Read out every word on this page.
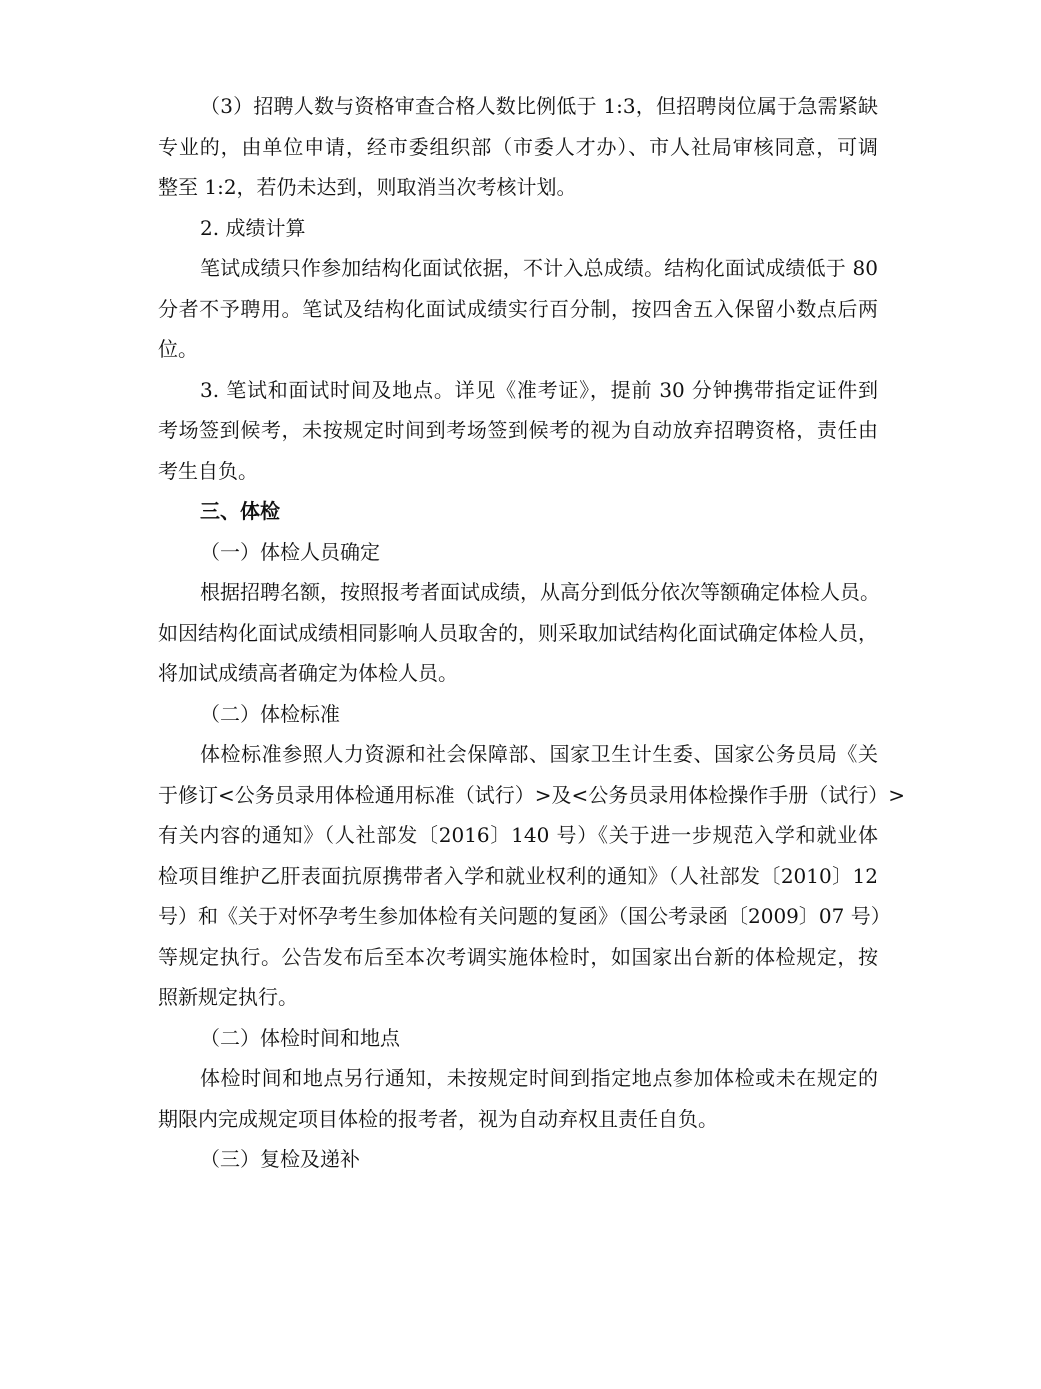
（3）招聘人数与资格审查合格人数比例低于 1:3，但招聘岗位属于急需紧缺
专业的，由单位申请，经市委组织部（市委人才办）、市人社局审核同意，可调
整至 1:2，若仍未达到，则取消当次考核计划。
2. 成绩计算
笔试成绩只作参加结构化面试依据，不计入总成绩。结构化面试成绩低于 80
分者不予聘用。笔试及结构化面试成绩实行百分制，按四舍五入保留小数点后两
位。
3. 笔试和面试时间及地点。详见《准考证》，提前 30 分钟携带指定证件到
考场签到候考，未按规定时间到考场签到候考的视为自动放弃招聘资格，责任由
考生自负。
三、体检
（一）体检人员确定
根据招聘名额，按照报考者面试成绩，从高分到低分依次等额确定体检人员。
如因结构化面试成绩相同影响人员取舍的，则采取加试结构化面试确定体检人员，
将加试成绩高者确定为体检人员。
（二）体检标准
体检标准参照人力资源和社会保障部、国家卫生计生委、国家公务员局《关
于修订<公务员录用体检通用标准（试行）>及<公务员录用体检操作手册（试行）>
有关内容的通知》（人社部发〔2016〕140 号）《关于进一步规范入学和就业体
检项目维护乙肝表面抗原携带者入学和就业权利的通知》（人社部发〔2010〕12
号）和《关于对怀孕考生参加体检有关问题的复函》（国公考录函〔2009〕07 号）
等规定执行。公告发布后至本次考调实施体检时，如国家出台新的体检规定，按
照新规定执行。
（二）体检时间和地点
体检时间和地点另行通知，未按规定时间到指定地点参加体检或未在规定的
期限内完成规定项目体检的报考者，视为自动弃权且责任自负。
（三）复检及递补
